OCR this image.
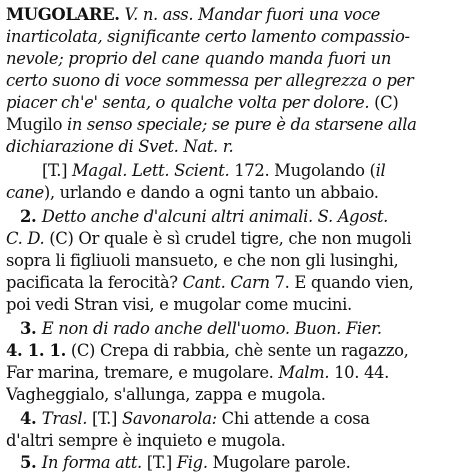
MUGOLARE. V. n. ass. Mandar fuori una voce
inarticolata, significante certo lamento compassio-
nevole; proprio del cane quando manda fuori un
certo suono di voce sommessa per allegrezza o per
piacer ch'e' senta, o qualche volta per dolore. (C)
Mugilo in senso speciale; se pure è da starsene alla
dichiarazione di Svet. Nat. r.
[T.] Magal. Lett. Scient. 172. Mugolando (il
cane), urlando e dando a ogni tanto un abbaio.
2. Detto anche d'alcuni altri animali. S. Agost.
C. D. (C) Or quale è sì crudel tigre, che non mugoli
sopra li figliuoli mansueto, e che non gli lusinghi,
pacificata la ferocità? Cant. Carn 7. E quando vien,
poi vedi Stran visi, e mugolar come mucini.
3. E non di rado anche dell'uomo. Buon. Fier.
4. 1. 1. (C) Crepa di rabbia, chè sente un ragazzo,
Far marina, tremare, e mugolare. Malm. 10. 44.
Vagheggialo, s'allunga, zappa e mugola.
4. Trasl. [T.] Savonarola: Chi attende a cosa
d'altri sempre è inquieto e mugola.
5. In forma att. [T.] Fig. Mugolare parole.
